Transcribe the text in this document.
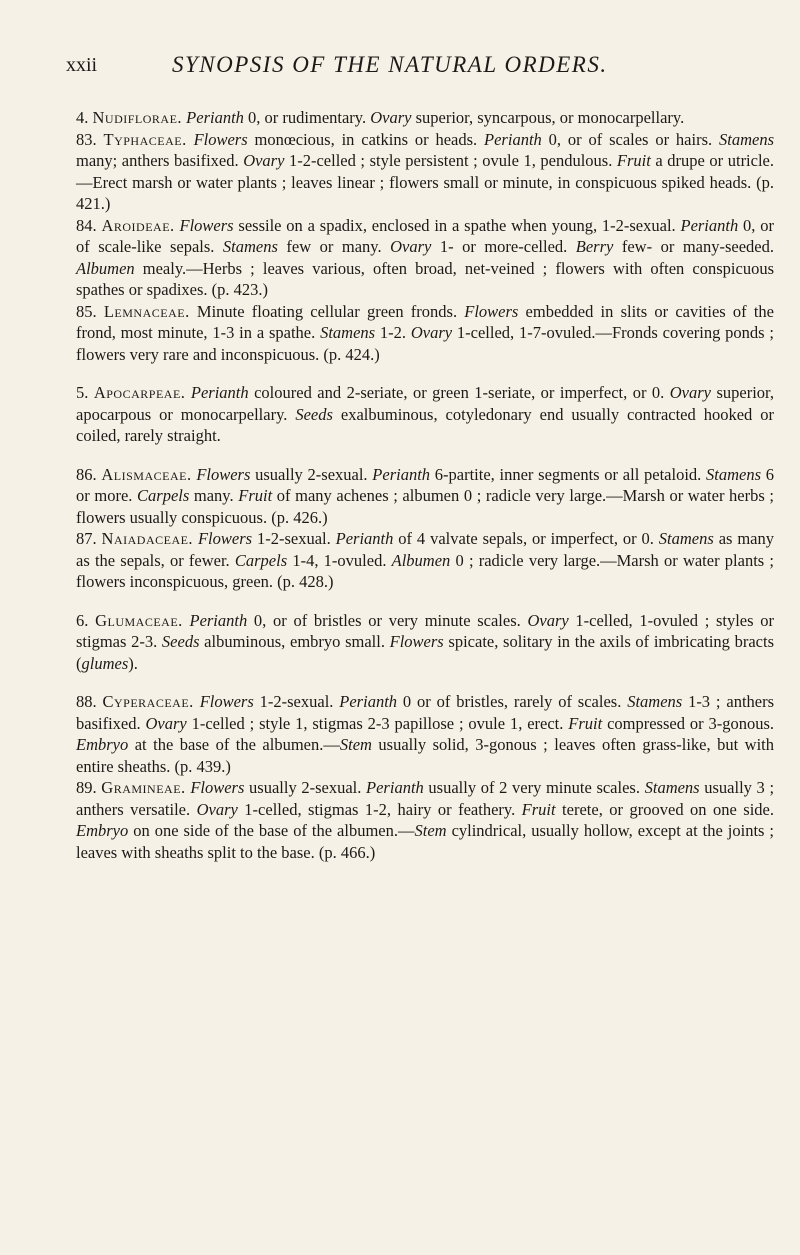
xxii	SYNOPSIS OF THE NATURAL ORDERS.

4. Nudiflorae. Perianth 0, or rudimentary. Ovary superior, syncarpous, or monocarpellary.

83. Typhaceae. Flowers monœcious, in catkins or heads. Perianth 0, or of scales or hairs. Stamens many; anthers basifixed. Ovary 1-2-celled ; style persistent ; ovule 1, pendulous. Fruit a drupe or utricle.—Erect marsh or water plants ; leaves linear ; flowers small or minute, in conspicuous spiked heads. (p. 421.)

84. Aroideae. Flowers sessile on a spadix, enclosed in a spathe when young, 1-2-sexual. Perianth 0, or of scale-like sepals. Stamens few or many. Ovary 1- or more-celled. Berry few- or many-seeded. Albumen mealy.—Herbs ; leaves various, often broad, net-veined ; flowers with often conspicuous spathes or spadixes. (p. 423.)

85. Lemnaceae. Minute floating cellular green fronds. Flowers embedded in slits or cavities of the frond, most minute, 1-3 in a spathe. Stamens 1-2. Ovary 1-celled, 1-7-ovuled.—Fronds covering ponds ; flowers very rare and inconspicuous. (p. 424.)

5. Apocarpeae. Perianth coloured and 2-seriate, or green 1-seriate, or imperfect, or 0. Ovary superior, apocarpous or monocarpellary. Seeds exalbuminous, cotyledonary end usually contracted hooked or coiled, rarely straight.

86. Alismaceae. Flowers usually 2-sexual. Perianth 6-partite, inner segments or all petaloid. Stamens 6 or more. Carpels many. Fruit of many achenes ; albumen 0 ; radicle very large.—Marsh or water herbs ; flowers usually conspicuous. (p. 426.)

87. Naiadaceae. Flowers 1-2-sexual. Perianth of 4 valvate sepals, or imperfect, or 0. Stamens as many as the sepals, or fewer. Carpels 1-4, 1-ovuled. Albumen 0 ; radicle very large.—Marsh or water plants ; flowers inconspicuous, green. (p. 428.)

6. Glumaceae. Perianth 0, or of bristles or very minute scales. Ovary 1-celled, 1-ovuled ; styles or stigmas 2-3. Seeds albuminous, embryo small. Flowers spicate, solitary in the axils of imbricating bracts (glumes).

88. Cyperaceae. Flowers 1-2-sexual. Perianth 0 or of bristles, rarely of scales. Stamens 1-3 ; anthers basifixed. Ovary 1-celled ; style 1, stigmas 2-3 papillose ; ovule 1, erect. Fruit compressed or 3-gonous. Embryo at the base of the albumen.—Stem usually solid, 3-gonous ; leaves often grass-like, but with entire sheaths. (p. 439.)

89. Gramineae. Flowers usually 2-sexual. Perianth usually of 2 very minute scales. Stamens usually 3 ; anthers versatile. Ovary 1-celled, stigmas 1-2, hairy or feathery. Fruit terete, or grooved on one side. Embryo on one side of the base of the albumen.—Stem cylindrical, usually hollow, except at the joints ; leaves with sheaths split to the base. (p. 466.)
